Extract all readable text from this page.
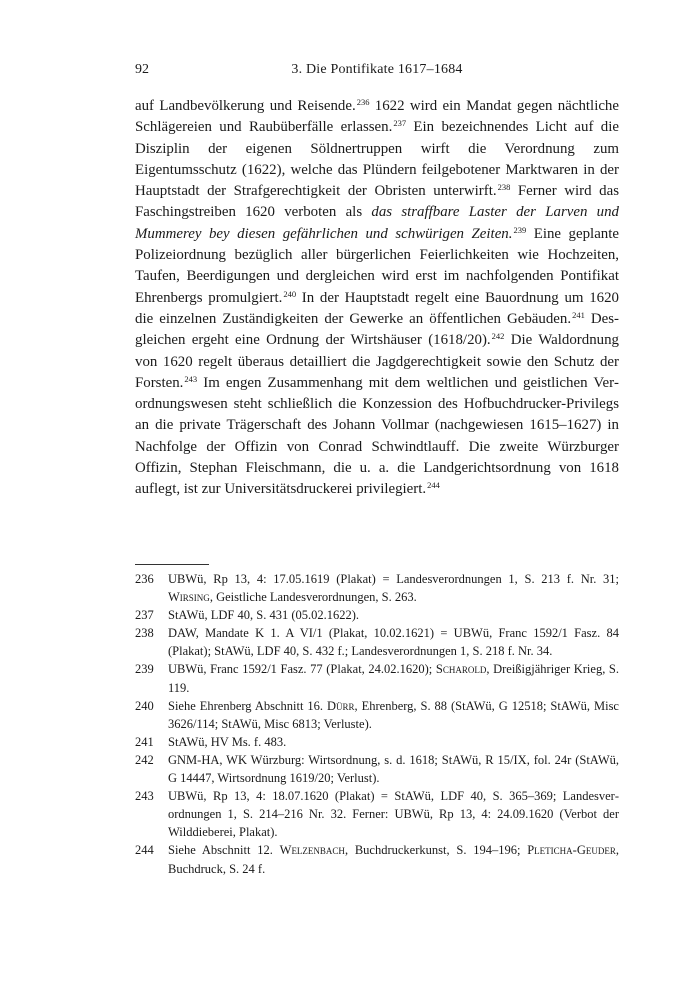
92	3. Die Pontifikate 1617–1684

auf Landbevölkerung und Reisende.$^{236}$ 1622 wird ein Mandat gegen nächtliche Schlägereien und Raubüberfälle erlassen.$^{237}$ Ein bezeichnendes Licht auf die Disziplin der eigenen Söldnertruppen wirft die Verordnung zum Eigentumsschutz (1622), welche das Plündern feilgebotener Marktwaren in der Hauptstadt der Strafgerechtigkeit der Obristen unterwirft.$^{238}$ Ferner wird das Faschingstreiben 1620 verboten als das straffbare Laster der Larven und Mummerey bey diesen gefährlichen und schwürigen Zeiten.$^{239}$ Eine geplante Polizeiordnung bezüglich aller bürgerlichen Feierlichkeiten wie Hochzeiten, Taufen, Beerdigungen und dergleichen wird erst im nachfolgenden Pontifikat Ehrenbergs promulgiert.$^{240}$ In der Hauptstadt regelt eine Bauordnung um 1620 die einzelnen Zuständigkeiten der Gewerke an öffentlichen Gebäuden.$^{241}$ Desgleichen ergeht eine Ordnung der Wirtshäuser (1618/20).$^{242}$ Die Waldordnung von 1620 regelt überaus detailliert die Jagdgerechtigkeit sowie den Schutz der Forsten.$^{243}$ Im engen Zusammenhang mit dem weltlichen und geistlichen Verordnungswesen steht schließlich die Konzession des Hofbuchdrucker-Privilegs an die private Trägerschaft des Johann Vollmar (nachgewiesen 1615–1627) in Nachfolge der Offizin von Conrad Schwindtlauff. Die zweite Würzburger Offizin, Stephan Fleischmann, die u. a. die Landgerichtsordnung von 1618 auflegt, ist zur Universitätsdruckerei privilegiert.$^{244}$

236	UBWü, Rp 13, 4: 17.05.1619 (Plakat) = Landesverordnungen 1, S. 213 f. Nr. 31; Wirsing, Geistliche Landesverordnungen, S. 263.
237	StAWü, LDF 40, S. 431 (05.02.1622).
238	DAW, Mandate K 1. A VI/1 (Plakat, 10.02.1621) = UBWü, Franc 1592/1 Fasz. 84 (Plakat); StAWü, LDF 40, S. 432 f.; Landesverordnungen 1, S. 218 f. Nr. 34.
239	UBWü, Franc 1592/1 Fasz. 77 (Plakat, 24.02.1620); Scharold, Dreißigjähriger Krieg, S. 119.
240	Siehe Ehrenberg Abschnitt 16. Dürr, Ehrenberg, S. 88 (StAWü, G 12518; StAWü, Misc 3626/114; StAWü, Misc 6813; Verluste).
241	StAWü, HV Ms. f. 483.
242	GNM-HA, WK Würzburg: Wirtsordnung, s. d. 1618; StAWü, R 15/IX, fol. 24r (StAWü, G 14447, Wirtsordnung 1619/20; Verlust).
243	UBWü, Rp 13, 4: 18.07.1620 (Plakat) = StAWü, LDF 40, S. 365–369; Landesverordnungen 1, S. 214–216 Nr. 32. Ferner: UBWü, Rp 13, 4: 24.09.1620 (Verbot der Wilddieberei, Plakat).
244	Siehe Abschnitt 12. Welzenbach, Buchdruckerkunst, S. 194–196; Pleticha-Geuder, Buchdruck, S. 24 f.
